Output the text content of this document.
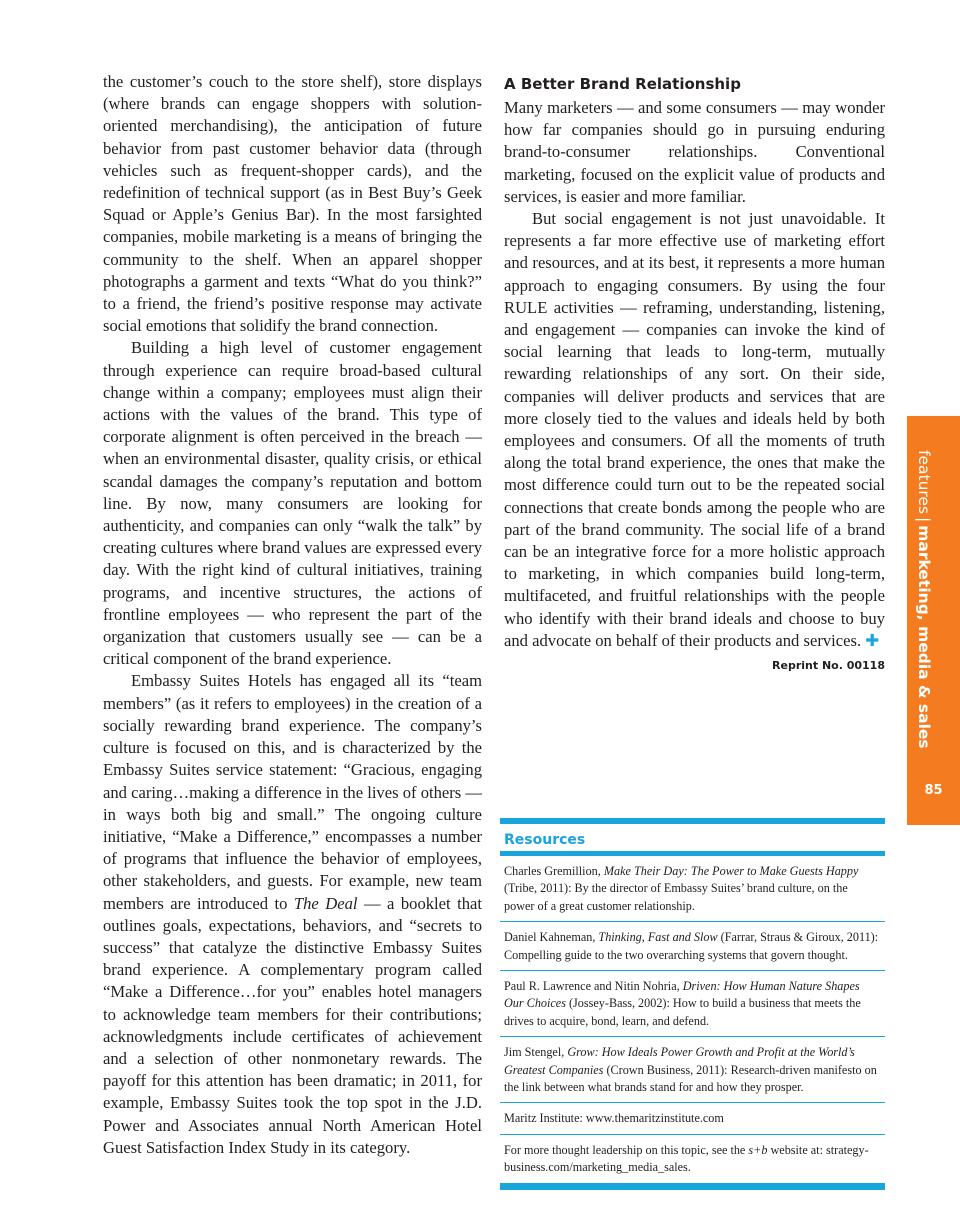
the customer’s couch to the store shelf), store displays (where brands can engage shoppers with solution-oriented merchandising), the anticipation of future behavior from past customer behavior data (through vehicles such as frequent-shopper cards), and the redefinition of technical support (as in Best Buy’s Geek Squad or Apple’s Genius Bar). In the most farsighted companies, mobile marketing is a means of bringing the community to the shelf. When an apparel shopper photographs a garment and texts “What do you think?” to a friend, the friend’s positive response may activate social emotions that solidify the brand connection.

Building a high level of customer engagement through experience can require broad-based cultural change within a company; employees must align their actions with the values of the brand. This type of corporate alignment is often perceived in the breach — when an environmental disaster, quality crisis, or ethical scandal damages the company’s reputation and bottom line. By now, many consumers are looking for authenticity, and companies can only “walk the talk” by creating cultures where brand values are expressed every day. With the right kind of cultural initiatives, training programs, and incentive structures, the actions of frontline employees — who represent the part of the organization that customers usually see — can be a critical component of the brand experience.

Embassy Suites Hotels has engaged all its “team members” (as it refers to employees) in the creation of a socially rewarding brand experience. The company’s culture is focused on this, and is characterized by the Embassy Suites service statement: “Gracious, engaging and caring…making a difference in the lives of others — in ways both big and small.” The ongoing culture initiative, “Make a Difference,” encompasses a number of programs that influence the behavior of employees, other stakeholders, and guests. For example, new team members are introduced to The Deal — a booklet that outlines goals, expectations, behaviors, and “secrets to success” that catalyze the distinctive Embassy Suites brand experience. A complementary program called “Make a Difference…for you” enables hotel managers to acknowledge team members for their contributions; acknowledgments include certificates of achievement and a selection of other nonmonetary rewards. The payoff for this attention has been dramatic; in 2011, for example, Embassy Suites took the top spot in the J.D. Power and Associates annual North American Hotel Guest Satisfaction Index Study in its category.

A Better Brand Relationship

Many marketers — and some consumers — may wonder how far companies should go in pursuing enduring brand-to-consumer relationships. Conventional marketing, focused on the explicit value of products and services, is easier and more familiar.

But social engagement is not just unavoidable. It represents a far more effective use of marketing effort and resources, and at its best, it represents a more human approach to engaging consumers. By using the four RULE activities — reframing, understanding, listening, and engagement — companies can invoke the kind of social learning that leads to long-term, mutually rewarding relationships of any sort. On their side, companies will deliver products and services that are more closely tied to the values and ideals held by both employees and consumers. Of all the moments of truth along the total brand experience, the ones that make the most difference could turn out to be the repeated social connections that create bonds among the people who are part of the brand community. The social life of a brand can be an integrative force for a more holistic approach to marketing, in which companies build long-term, multifaceted, and fruitful relationships with the people who identify with their brand ideals and choose to buy and advocate on behalf of their products and services. ✚

Reprint No. 00118
Resources
Charles Gremillion, Make Their Day: The Power to Make Guests Happy (Tribe, 2011): By the director of Embassy Suites’ brand culture, on the power of a great customer relationship.
Daniel Kahneman, Thinking, Fast and Slow (Farrar, Straus & Giroux, 2011): Compelling guide to the two overarching systems that govern thought.
Paul R. Lawrence and Nitin Nohria, Driven: How Human Nature Shapes Our Choices (Jossey-Bass, 2002): How to build a business that meets the drives to acquire, bond, learn, and defend.
Jim Stengel, Grow: How Ideals Power Growth and Profit at the World’s Greatest Companies (Crown Business, 2011): Research-driven manifesto on the link between what brands stand for and how they prosper.
Maritz Institute: www.themaritzinstitute.com
For more thought leadership on this topic, see the s+b website at: strategy-business.com/marketing_media_sales.
features|marketing, media & sales
85
